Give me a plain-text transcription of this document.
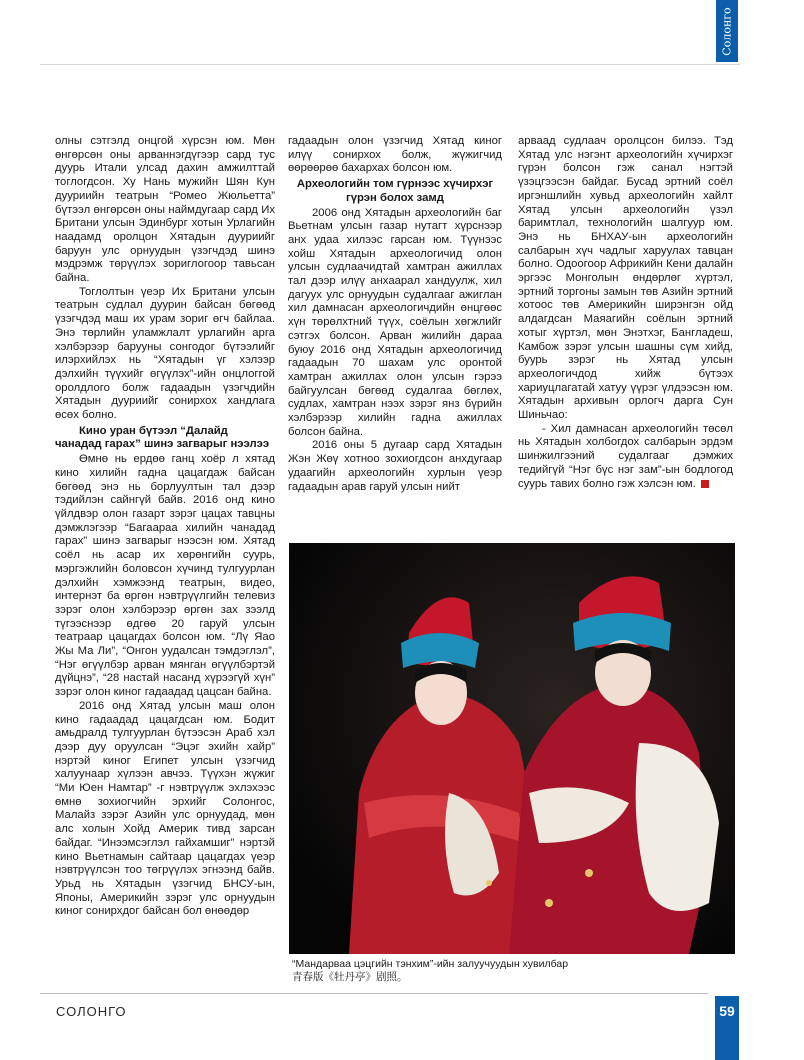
Солонго

олны сэтгэлд онцгой хүрсэн юм. Мөн өнгөрсөн оны арваннэгдүгээр сард тус дуурь Итали улсад дахин амжилттай тоглогдсон. Ху Нань мужийн Шян Кун дууриийн театрын “Ромео Жюльетта” бүтээл өнгөрсөн оны наймдугаар сард Их Британи улсын Эдинбург хотын Урлагийн наадамд оролцон Хятадын дууриийг баруун улс орнуудын үзэгчдэд шинэ мэдрэмж төрүүлэх зориглогоор тавьсан байна.

Тоглолтын үеэр Их Британи улсын театрын судлал дуурин байсан бөгөөд үзэгчдэд маш их урам зориг өгч байлаа. Энэ төрлийн уламжлалт урлагийн арга хэлбэрээр барууны сонгодог бүтээлийг илэрхийлэх нь “Хятадын үг хэлээр дэлхийн түүхийг өгүүлэх”-ийн онцлоггой оролдлого болж гадаадын үзэгчдийн Хятадын дууриийг сонирхох хандлага өсөх болно.

Кино уран бүтээл “Далайд чанадад гарах” шинэ загварыг нээлээ

Өмнө нь ердөө ганц хоёр л хятад кино хилийн гадна цацагдаж байсан бөгөөд энэ нь борлуултын тал дээр тэдийлэн сайнгүй байв. 2016 онд кино үйлдвэр олон газарт зэрэг цацах тавцны дэмжлэгээр “Багаараа хилийн чанадад гарах” шинэ загварыг нээсэн юм. Хятад соёл нь асар их хөрөнгийн суурь, мэргэжлийн боловсон хүчинд тулгуурлан дэлхийн хэмжээнд театрын, видео, интернэт ба өргөн нэвтрүүлгийн телевиз зэрэг олон хэлбэрээр өргөн зах зээлд түгээснээр өдгөө 20 гаруй улсын театраар цацагдах болсон юм. “Лү Яао Жы Ма Ли”, “Онгон уудалсан тэмдэглэл”, “Нэг өгүүлбэр арван мянган өгүүлбэртэй дүйцнэ”, “28 настай насанд хүрээгүй хүн” зэрэг олон киног гадаадад цацсан байна.

2016 онд Хятад улсын маш олон кино гадаадад цацагдсан юм. Бодит амьдралд тулгуурлан бүтээсэн Араб хэл дээр дуу оруулсан “Эцэг эхийн хайр” нэртэй киног Египет улсын үзэгчид халуунаар хүлээн авчээ. Түүхэн жүжиг “Ми Юен Намтар” -г нэвтрүүлж эхлэхээс өмнө зохиогчийн эрхийг Солонгос, Малайз зэрэг Азийн улс орнуудад, мөн алс холын Хойд Америк тивд зарсан байдаг. “Инээмсэглэл гайхамшиг” нэртэй кино Вьетнамын сайтаар цацагдах үеэр нэвтрүүлсэн тоо төгрүүлэх эгнээнд байв. Урьд нь Хятадын үзэгчид БНСУ-ын, Японы, Америкийн зэрэг улс орнуудын киног сонирхдог байсан бол өнөөдөр

гадаадын олон үзэгчид Хятад киног илүү сонирхох болж, жүжигчид өөрөөрөө бахархах болсон юм.

Археологийн том гүрнээс хүчирхэг гүрэн болох замд

2006 онд Хятадын археологийн баг Вьетнам улсын газар нутагт хүрснээр анх удаа хилээс гарсан юм. Түүнээс хойш Хятадын археологичид олон улсын судлаачидтай хамтран ажиллах тал дээр илүү анхаарал хандуулж, хил дагуух улс орнуудын судалгааг ажиглан хил дамнасан археологичдийн өнцгөөс хүн төрөлхтний түүх, соёлын хөгжлийг сэтгэх болсон. Арван жилийн дараа буюу 2016 онд Хятадын археологичид гадаадын 70 шахам улс оронтой хамтран ажиллах олон улсын гэрээ байгуулсан бөгөөд судалгаа бөглөх, судлах, хамтран нээх зэрэг янз бүрийн хэлбэрээр хилийн гадна ажиллах болсон байна.

2016 оны 5 дугаар сард Хятадын Жэн Жөү хотноо зохиогдсон анхдугаар удаагийн археологийн хурлын үеэр гадаадын арав гаруй улсын нийт

арваад судлаач оролцсон билээ. Тэд Хятад улс нэгэнт археологийн хүчирхэг гүрэн болсон гэж санал нэгтэй үзэцгээсэн байдаг. Бусад эртний соёл иргэншлийн хувьд археологийн хайлт Хятад улсын археологийн үзэл баримтлал, технологийн шалгуур юм. Энэ нь БНХАУ-ын археологийн салбарын хүч чадлыг харуулах тавцан болно. Одоогоор Африкийн Кени далайн эргээс Монголын өндөрлөг хүртэл, эртний торгоны замын төв Азийн эртний хотоос төв Америкийн ширэнгэн ойд алдагдсан Маяагийн соёлын эртний хотыг хүртэл, мөн Энэтхэг, Бангладеш, Камбож зэрэг улсын шашны сүм хийд, буурь зэрэг нь Хятад улсын археологичдод хийж бүтээх хариуцлагатай хатуу үүрэг үлдээсэн юм. Хятадын архивын орлогч дарга Сун Шиньчао:

- Хил дамнасан археологийн төсөл нь Хятадын холбогдох салбарын эрдэм шинжилгээний судалгааг дэмжих тедийгүй “Нэг бүс нэг зам”-ын бодлогод суурь тавих болно гэж хэлсэн юм.

“Мандарваа цэцгийн тэнхим”-ийн залуучуудын хувилбар
青春版《牡丹亭》剧照。
СОЛОНГО	59
